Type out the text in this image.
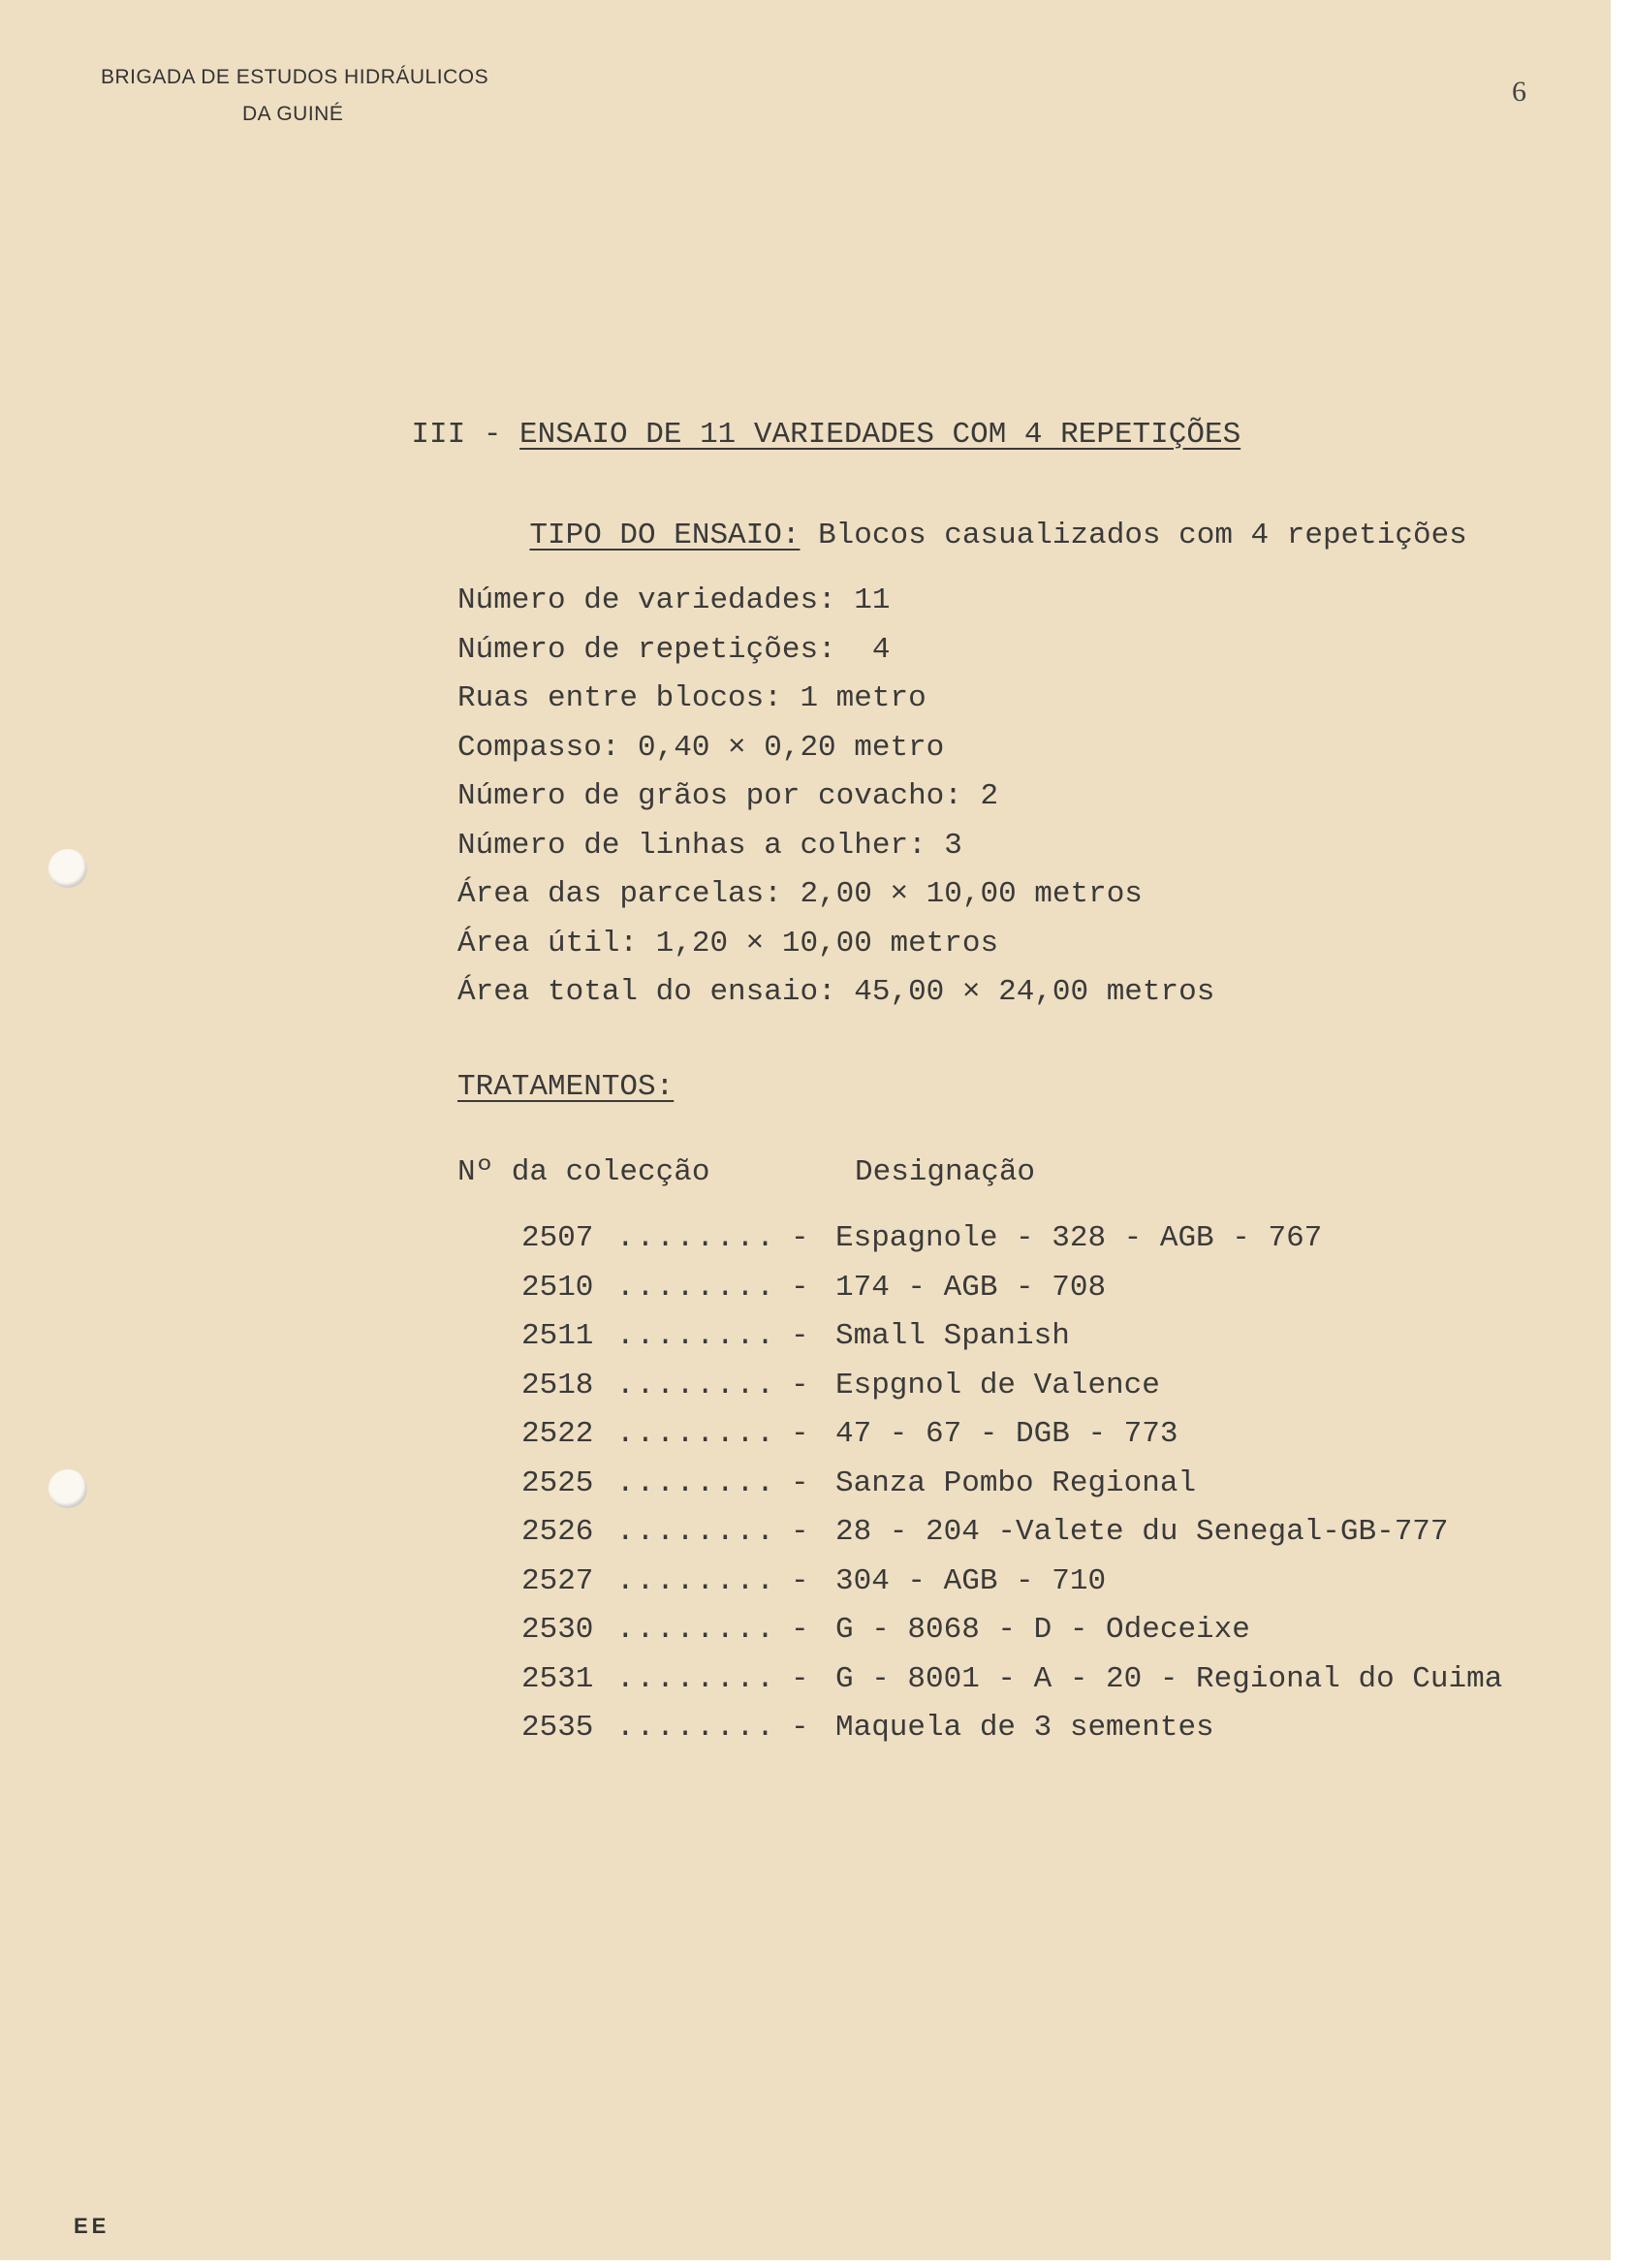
BRIGADA DE ESTUDOS HIDRÁULICOS
DA GUINÉ
6

III - ENSAIO DE 11 VARIEDADES COM 4 REPETIÇÕES

TIPO DO ENSAIO: Blocos casualizados com 4 repetições

Número de variedades: 11
Número de repetições:  4
Ruas entre blocos: 1 metro
Compasso: 0,40 × 0,20 metro
Número de grãos por covacho: 2
Número de linhas a colher: 3
Área das parcelas: 2,00 × 10,00 metros
Área útil: 1,20 × 10,00 metros
Área total do ensaio: 45,00 × 24,00 metros
TRATAMENTOS:
Nº da colecção	Designação
2507 ........ - Espagnole - 328 - AGB - 767
2510 ........ - 174 - AGB - 708
2511 ........ - Small Spanish
2518 ........ - Espgnol de Valence
2522 ........ - 47 - 67 - DGB - 773
2525 ........ - Sanza Pombo Regional
2526 ........ - 28 - 204 -Valete du Senegal-GB-777
2527 ........ - 304 - AGB - 710
2530 ........ - G - 8068 - D - Odeceixe
2531 ........ - G - 8001 - A - 20 - Regional do Cuima
2535 ........ - Maquela de 3 sementes
EE
